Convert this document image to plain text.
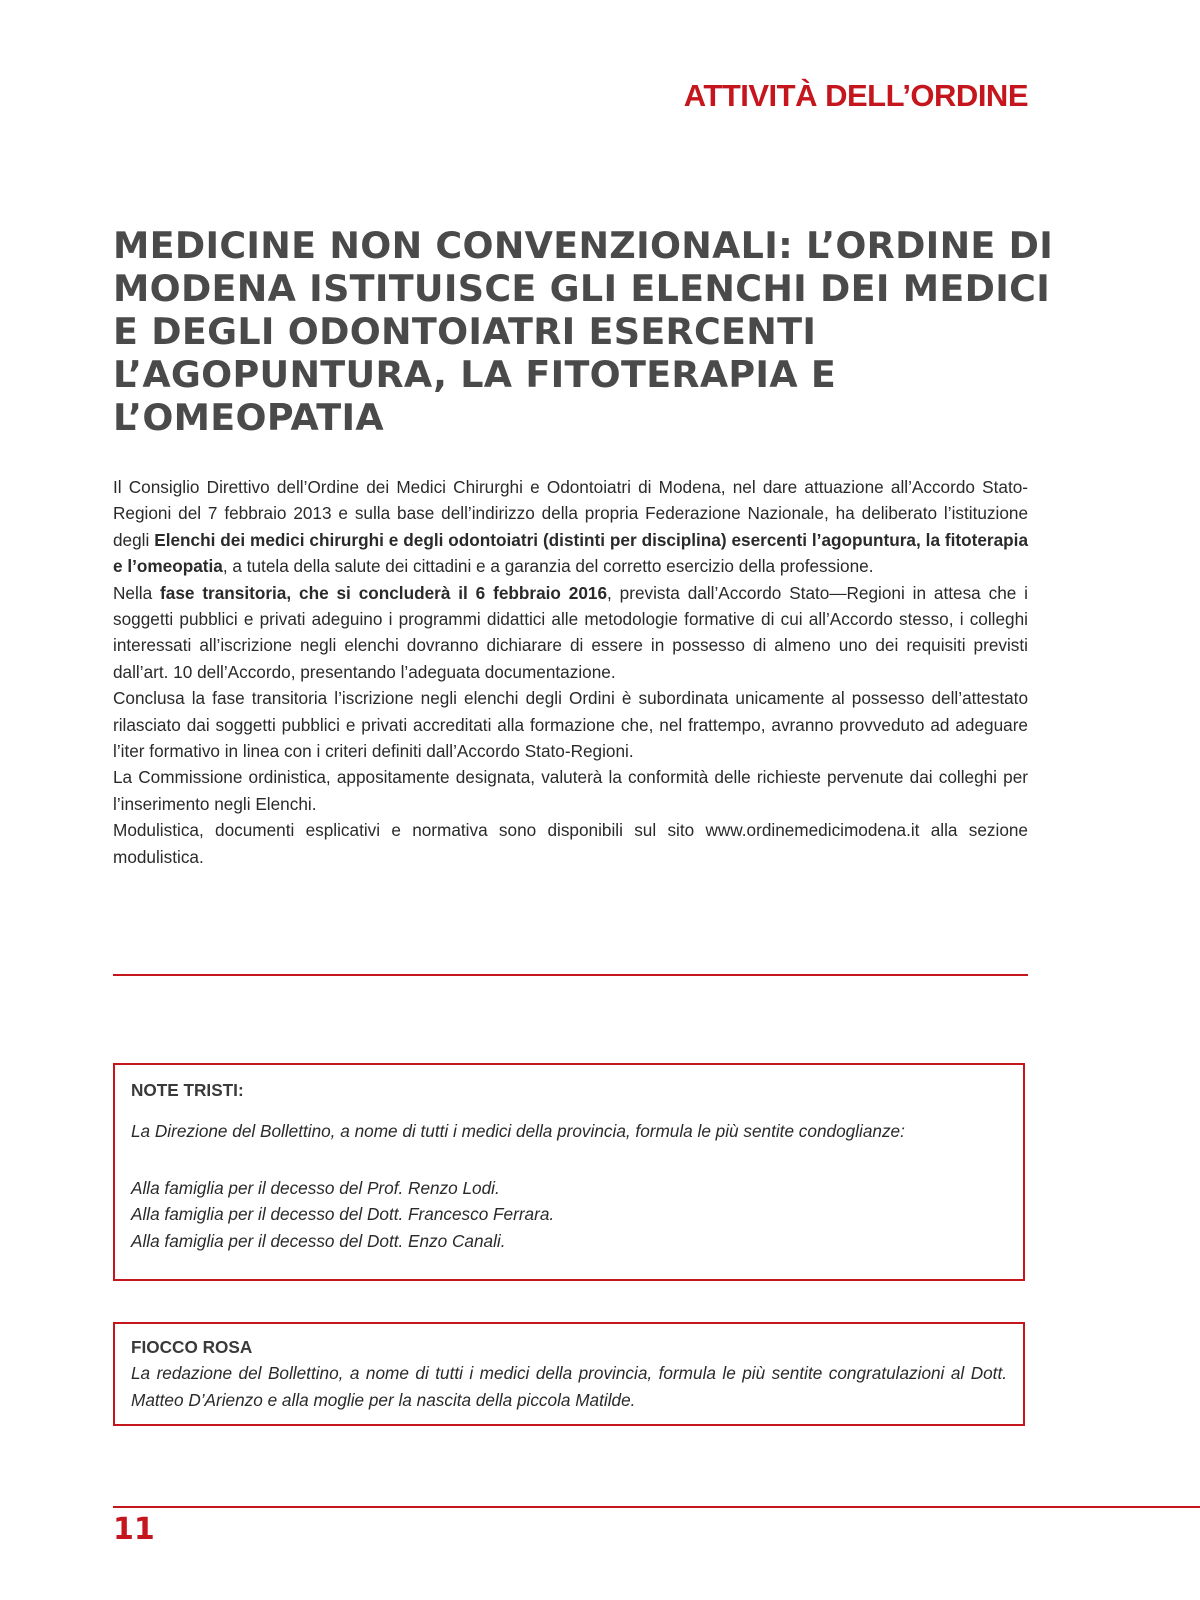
ATTIVITÀ DELL’ORDINE
MEDICINE NON CONVENZIONALI: L’ORDINE DI MODENA ISTITUISCE GLI ELENCHI DEI MEDICI E DEGLI ODONTOIATRI ESERCENTI L’AGOPUNTURA, LA FITOTERAPIA E L’OMEOPATIA

Il Consiglio Direttivo dell’Ordine dei Medici Chirurghi e Odontoiatri di Modena, nel dare attuazione all’Accordo Stato-Regioni del 7 febbraio 2013 e sulla base dell’indirizzo della propria Federazione Nazionale, ha deliberato l’istituzione degli Elenchi dei medici chirurghi e degli odontoiatri (distinti per disciplina) esercenti l’agopuntura, la fitoterapia e l’omeopatia, a tutela della salute dei cittadini e a garanzia del corretto esercizio della professione.

Nella fase transitoria, che si concluderà il 6 febbraio 2016, prevista dall’Accordo Stato—Regioni in attesa che i soggetti pubblici e privati adeguino i programmi didattici alle metodologie formative di cui all’Accordo stesso, i colleghi interessati all’iscrizione negli elenchi dovranno dichiarare di essere in possesso di almeno uno dei requisiti previsti dall’art. 10 dell’Accordo, presentando l’adeguata documentazione.

Conclusa la fase transitoria l’iscrizione negli elenchi degli Ordini è subordinata unicamente al possesso dell’attestato rilasciato dai soggetti pubblici e privati accreditati alla formazione che, nel frattempo, avranno provveduto ad adeguare l’iter formativo in linea con i criteri definiti dall’Accordo Stato-Regioni.

La Commissione ordinistica, appositamente designata, valuterà la conformità delle richieste pervenute dai colleghi per l’inserimento negli Elenchi.

Modulistica, documenti esplicativi e normativa sono disponibili sul sito www.ordinemedicimodena.it alla sezione modulistica.

NOTE TRISTI:

La Direzione del Bollettino, a nome di tutti i medici della provincia, formula le più sentite condoglianze:

Alla famiglia per il decesso del Prof. Renzo Lodi.

Alla famiglia per il decesso del Dott. Francesco Ferrara.

Alla famiglia per il decesso del Dott. Enzo Canali.

FIOCCO ROSA

La redazione del Bollettino, a nome di tutti i medici della provincia, formula le più sentite congratulazioni al Dott. Matteo D’Arienzo e alla moglie per la nascita della piccola Matilde.

11
